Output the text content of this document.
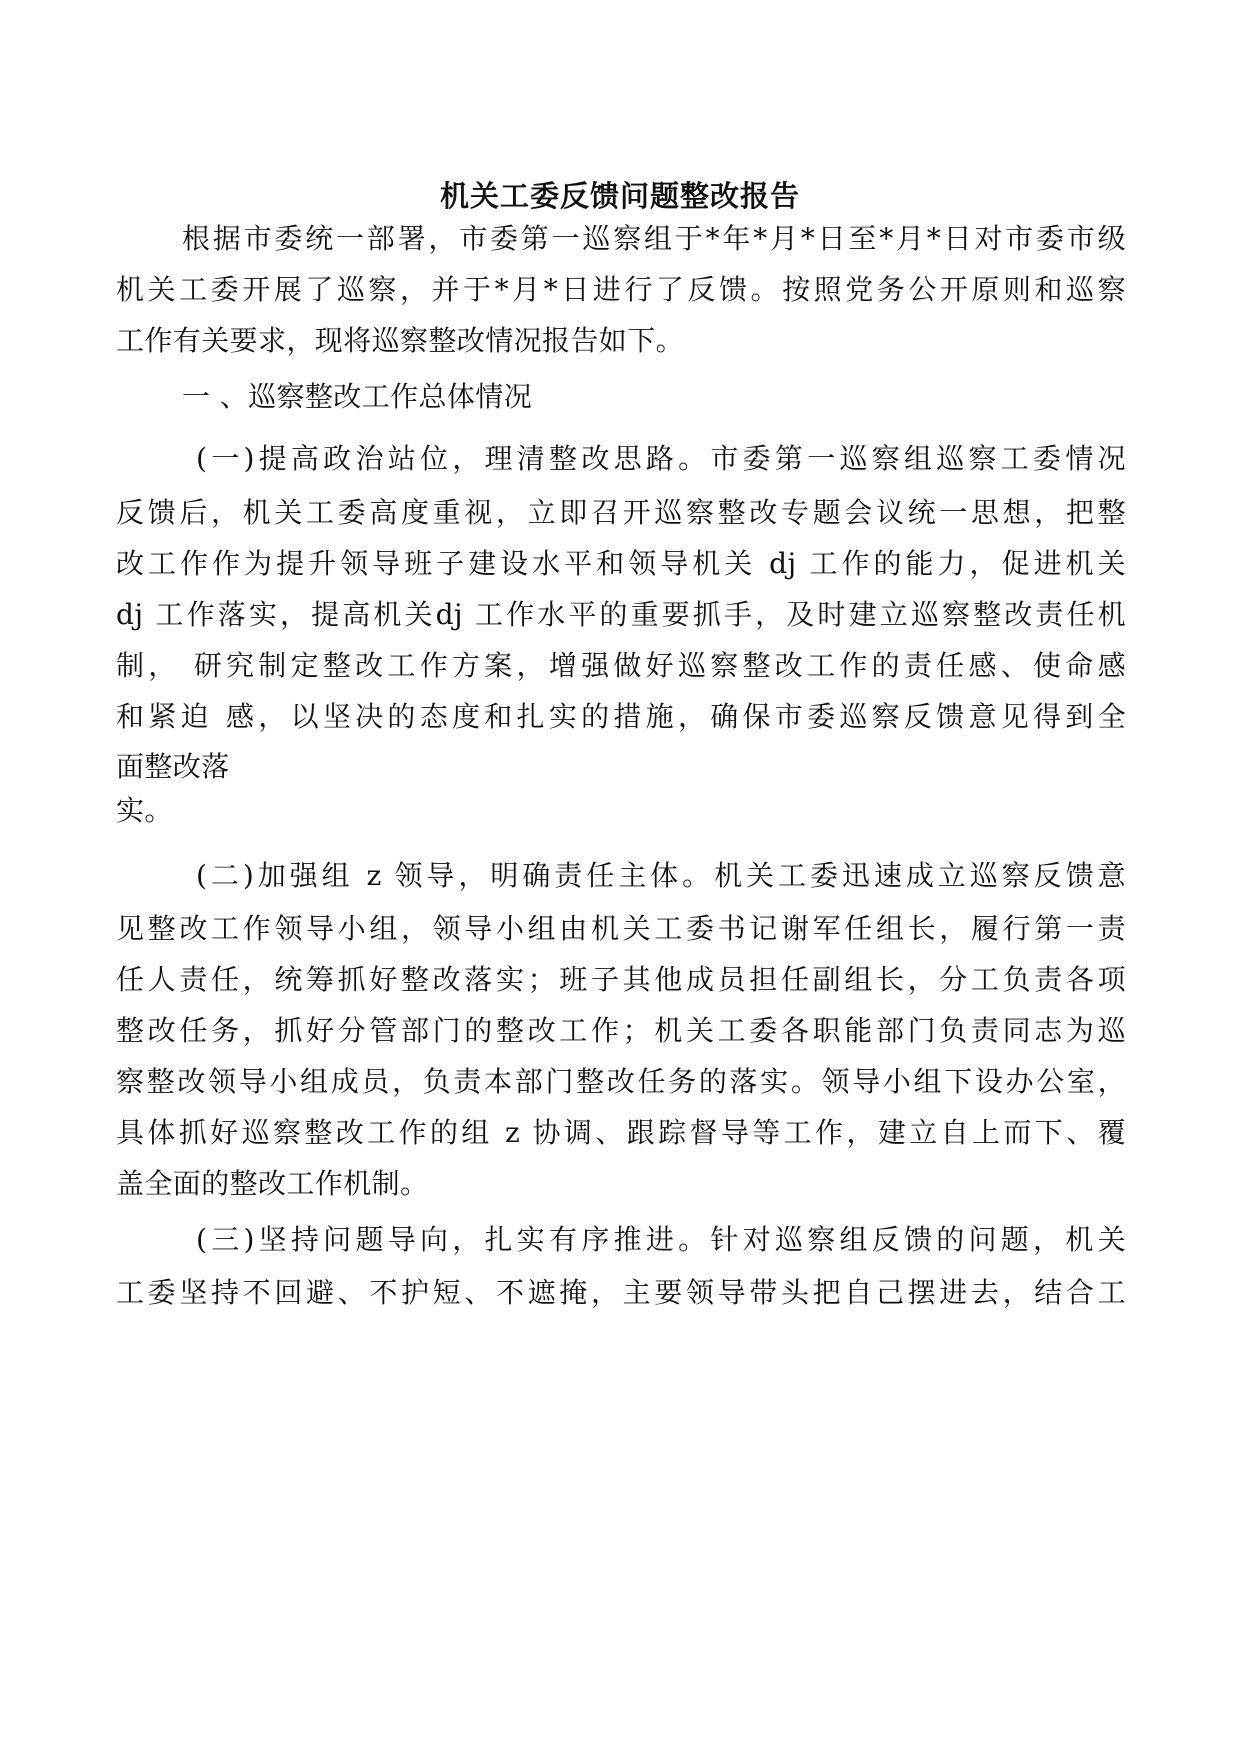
机关工委反馈问题整改报告
根据市委统一部署，市委第一巡察组于*年*月*日至*月*日对市委市级
机关工委开展了巡察，并于*月*日进行了反馈。按照党务公开原则和巡察
工作有关要求，现将巡察整改情况报告如下。
一 、巡察整改工作总体情况
(一)提高政治站位，理清整改思路。市委第一巡察组巡察工委情况
反馈后，机关工委高度重视，立即召开巡察整改专题会议统一思想，把整
改工作作为提升领导班子建设水平和领导机关 dj 工作的能力，促进机关
dj 工作落实，提高机关dj 工作水平的重要抓手，及时建立巡察整改责任机
制， 研究制定整改工作方案，增强做好巡察整改工作的责任感、使命感
和紧迫 感，以坚决的态度和扎实的措施，确保市委巡察反馈意见得到全
面整改落
实。
(二)加强组 z 领导，明确责任主体。机关工委迅速成立巡察反馈意
见整改工作领导小组，领导小组由机关工委书记谢军任组长，履行第一责
任人责任，统筹抓好整改落实；班子其他成员担任副组长，分工负责各项
整改任务，抓好分管部门的整改工作；机关工委各职能部门负责同志为巡
察整改领导小组成员，负责本部门整改任务的落实。领导小组下设办公室，
具体抓好巡察整改工作的组 z 协调、跟踪督导等工作，建立自上而下、覆
盖全面的整改工作机制。
(三)坚持问题导向，扎实有序推进。针对巡察组反馈的问题，机关
工委坚持不回避、不护短、不遮掩，主要领导带头把自己摆进去，结合工
